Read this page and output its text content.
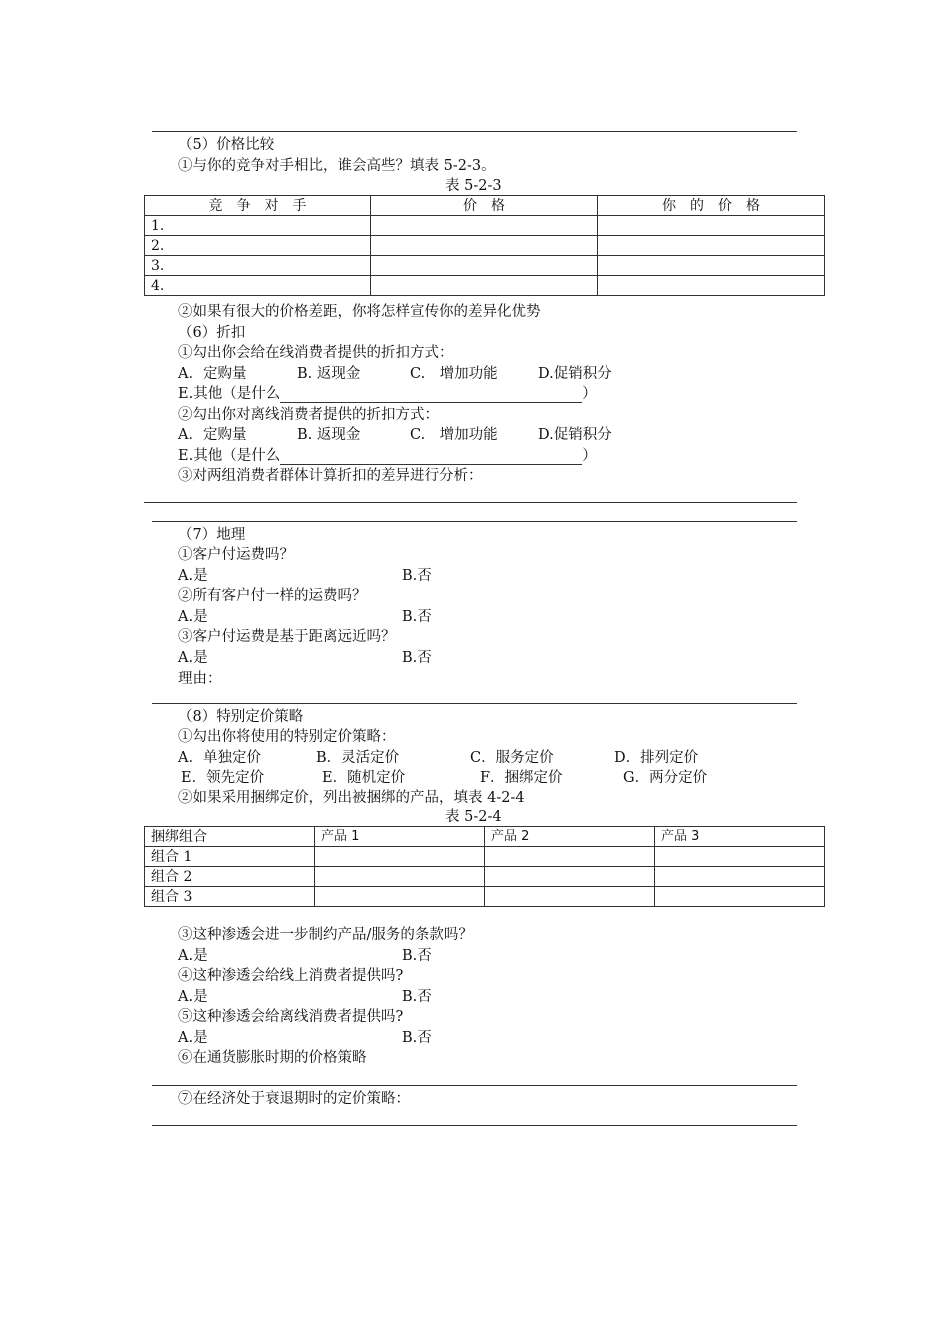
（5）价格比较
①与你的竞争对手相比，谁会高些？填表 5-2-3。
表 5-2-3
竞　争　对　手	价　格	你　的　价　格
1.		
2.		
3.		
4.		
②如果有很大的价格差距，你将怎样宣传你的差异化优势
（6）折扣
①勾出你会给在线消费者提供的折扣方式：
A．定购量	B. 返现金	C.　增加功能	D.促销积分
E.其他（是什么	）
②勾出你对离线消费者提供的折扣方式：
A．定购量	B. 返现金	C.　增加功能	D.促销积分
E.其他（是什么	）
③对两组消费者群体计算折扣的差异进行分析：
（7）地理
①客户付运费吗？
A.是	B.否
②所有客户付一样的运费吗？
A.是	B.否
③客户付运费是基于距离远近吗？
A.是	B.否
理由：
（8）特别定价策略
①勾出你将使用的特别定价策略：
A．单独定价	B．灵活定价	C．服务定价	D．排列定价
E．领先定价	E．随机定价	F．捆绑定价	G．两分定价
②如果采用捆绑定价，列出被捆绑的产品，填表 4-2-4
表 5-2-4
捆绑组合	产品 1	产品 2	产品 3
组合 1			
组合 2			
组合 3			
③这种渗透会进一步制约产品/服务的条款吗？
A.是	B.否
④这种渗透会给线上消费者提供吗?
A.是	B.否
⑤这种渗透会给离线消费者提供吗?
A.是	B.否
⑥在通货膨胀时期的价格策略
⑦在经济处于衰退期时的定价策略：
